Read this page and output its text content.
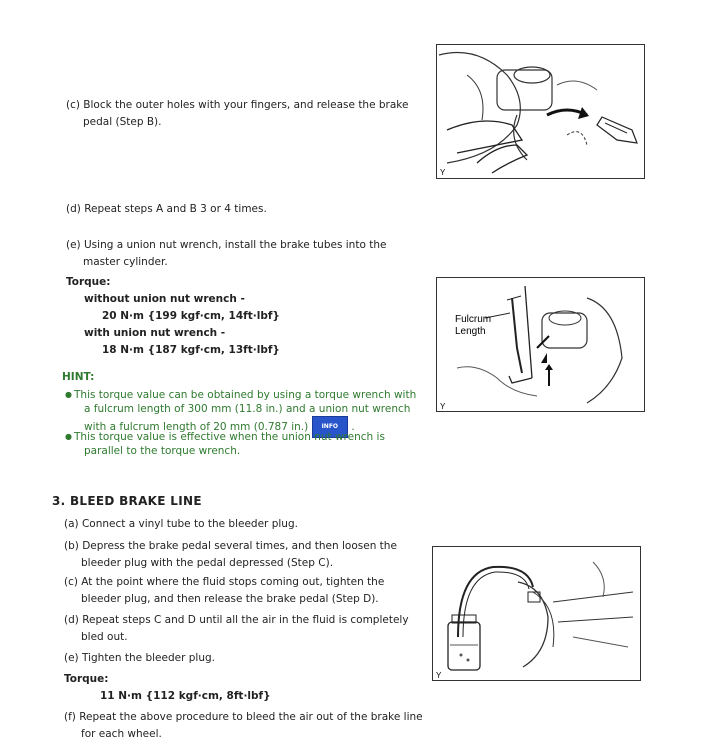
(c) Block the outer holes with your fingers, and release the brake

pedal (Step B).

Y

(d) Repeat steps A and B 3 or 4 times.

(e) Using a union nut wrench, install the brake tubes into the

master cylinder.

Torque:

without union nut wrench -

20 N·m {199 kgf·cm, 14ft·lbf}

with union nut wrench -

18 N·m {187 kgf·cm, 13ft·lbf}

Fulcrum
Length
Y
HINT:
● This torque value can be obtained by using a torque wrench with
a fulcrum length of 300 mm (11.8 in.) and a union nut wrench
with a fulcrum length of 20 mm (0.787 in.) INFO .
● This torque value is effective when the union nut wrench is
parallel to the torque wrench.
3. BLEED BRAKE LINE

(a) Connect a vinyl tube to the bleeder plug.

(b) Depress the brake pedal several times, and then loosen the

bleeder plug with the pedal depressed (Step C).

(c) At the point where the fluid stops coming out, tighten the

bleeder plug, and then release the brake pedal (Step D).

(d) Repeat steps C and D until all the air in the fluid is completely

bled out.

(e) Tighten the bleeder plug.

Torque:

11 N·m {112 kgf·cm, 8ft·lbf}

(f) Repeat the above procedure to bleed the air out of the brake line

for each wheel.

Y
